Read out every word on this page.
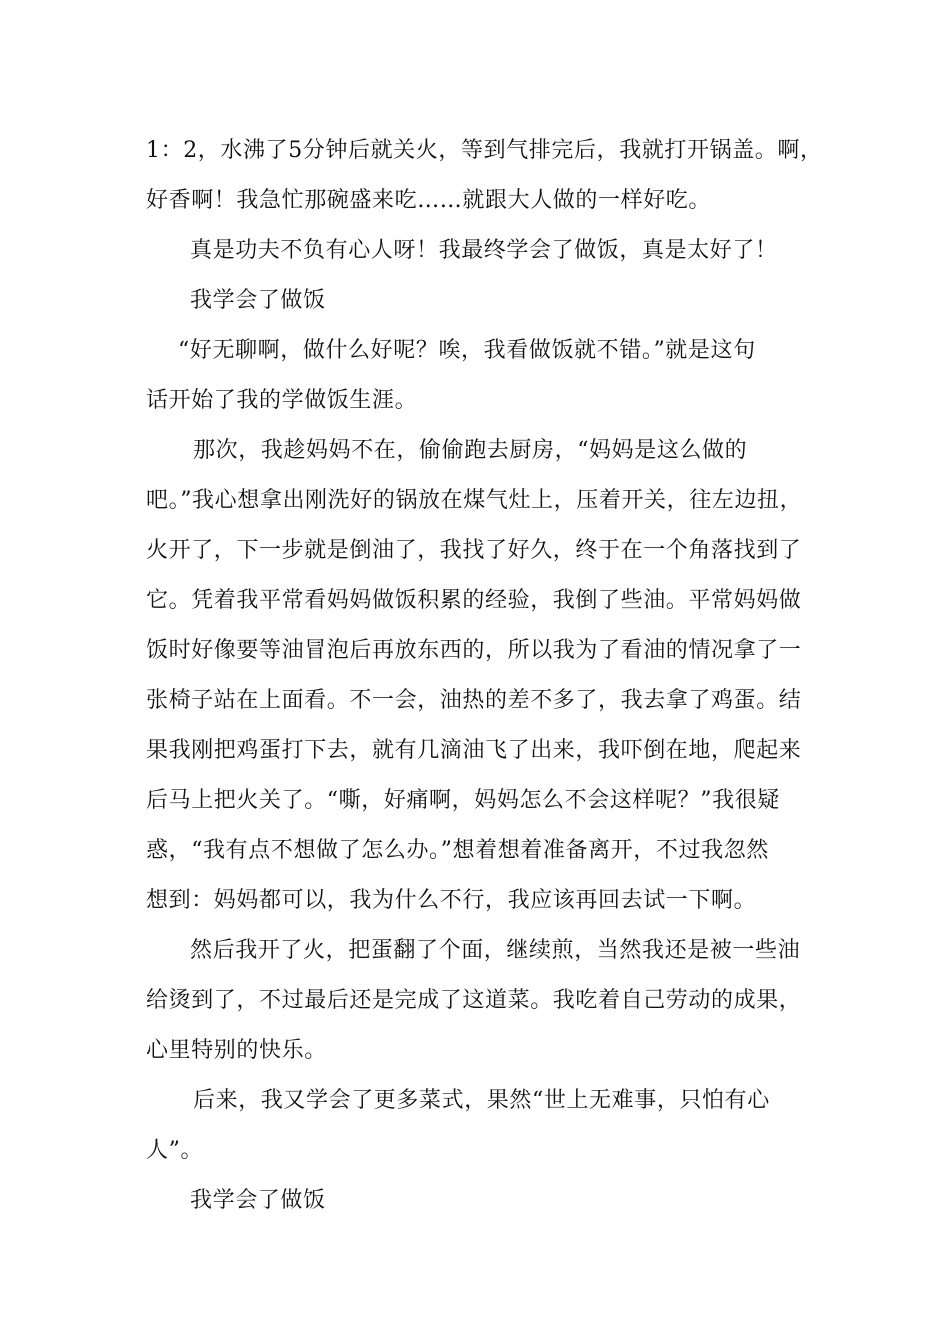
1：2，水沸了5分钟后就关火，等到气排完后，我就打开锅盖。啊，
好香啊！我急忙那碗盛来吃……就跟大人做的一样好吃。
真是功夫不负有心人呀！我最终学会了做饭，真是太好了！
我学会了做饭
“好无聊啊，做什么好呢？唉，我看做饭就不错。”就是这句
话开始了我的学做饭生涯。
那次，我趁妈妈不在，偷偷跑去厨房，“妈妈是这么做的
吧。”我心想拿出刚洗好的锅放在煤气灶上，压着开关，往左边扭，
火开了，下一步就是倒油了，我找了好久，终于在一个角落找到了
它。凭着我平常看妈妈做饭积累的经验，我倒了些油。平常妈妈做
饭时好像要等油冒泡后再放东西的，所以我为了看油的情况拿了一
张椅子站在上面看。不一会，油热的差不多了，我去拿了鸡蛋。结
果我刚把鸡蛋打下去，就有几滴油飞了出来，我吓倒在地，爬起来
后马上把火关了。“嘶，好痛啊，妈妈怎么不会这样呢？”我很疑
惑，“我有点不想做了怎么办。”想着想着准备离开，不过我忽然
想到：妈妈都可以，我为什么不行，我应该再回去试一下啊。
然后我开了火，把蛋翻了个面，继续煎，当然我还是被一些油
给烫到了，不过最后还是完成了这道菜。我吃着自己劳动的成果，
心里特别的快乐。
后来，我又学会了更多菜式，果然“世上无难事，只怕有心
人”。
我学会了做饭
